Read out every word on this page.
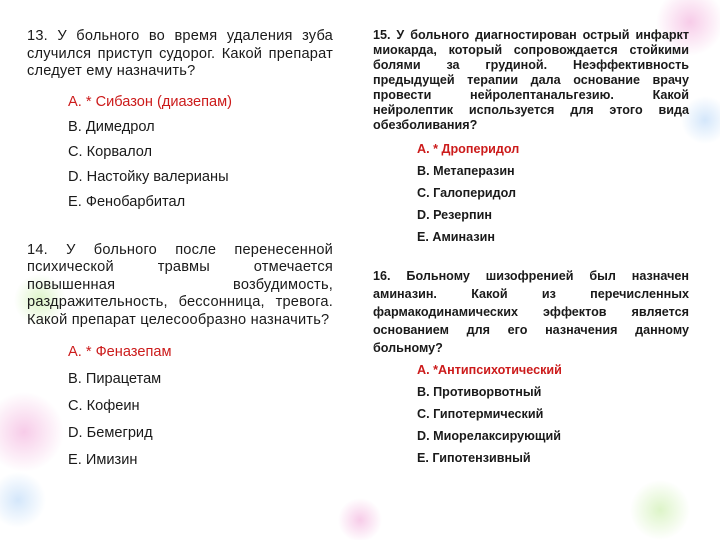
13. У больного во время удаления зуба случился приступ судорог. Какой препарат следует ему назначить?

A. * Сибазон (диазепам)

B. Димедрол

C. Корвалол

D. Настойку валерианы

E. Фенобарбитал

14. У больного после перенесенной психической травмы отмечается повышенная возбудимость, раздражительность, бессонница, тревога. Какой препарат целесообразно назначить?

A. * Феназепам

B. Пирацетам

C. Кофеин

D. Бемегрид

E. Имизин

15. У больного диагностирован острый инфаркт миокарда, который сопровождается стойкими болями за грудиной. Неэффективность предыдущей терапии дала основание врачу провести нейролептанальгезию. Какой нейролептик используется для этого вида обезболивания?

A. * Дроперидол

B. Метаперазин

C. Галоперидол

D. Резерпин

E. Аминазин

16. Больному шизофренией был назначен аминазин. Какой из перечисленных фармакодинамических эффектов является основанием для его назначения данному больному?

A. *Антипсихотический

B. Противорвотный

C. Гипотермический

D. Миорелаксирующий

E. Гипотензивный
